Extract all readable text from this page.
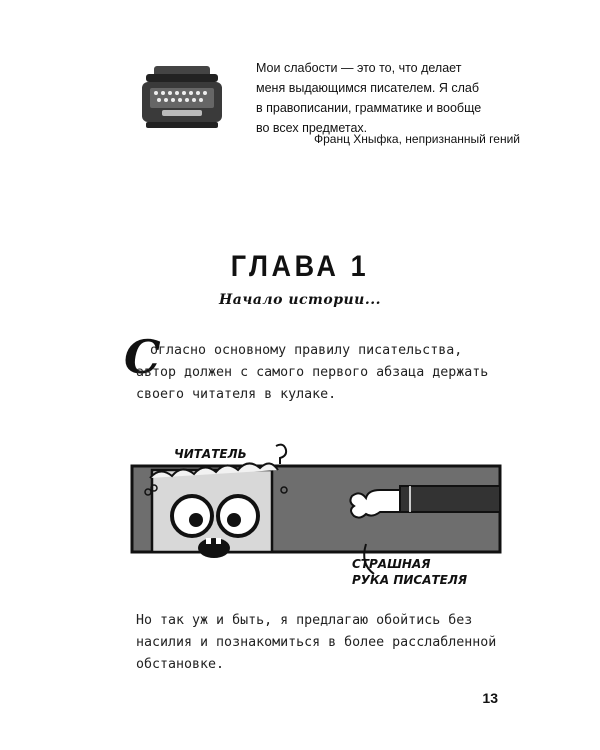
Мои слабости — это то, что делает
меня выдающимся писателем. Я слаб
в правописании, грамматике и вообще
во всех предметах.
Франц Хныфка, непризнанный гений
ГЛАВА 1
Начало истории...
С

огласно основному правилу писательства, автор должен с самого первого абзаца держать своего читателя в кулаке.

ЧИТАТЕЛЬ
СТРАШНАЯ
РУКА ПИСАТЕЛЯ

Но так уж и быть, я предлагаю обойтись без насилия и познакомиться в более расслабленной обстановке.

13
